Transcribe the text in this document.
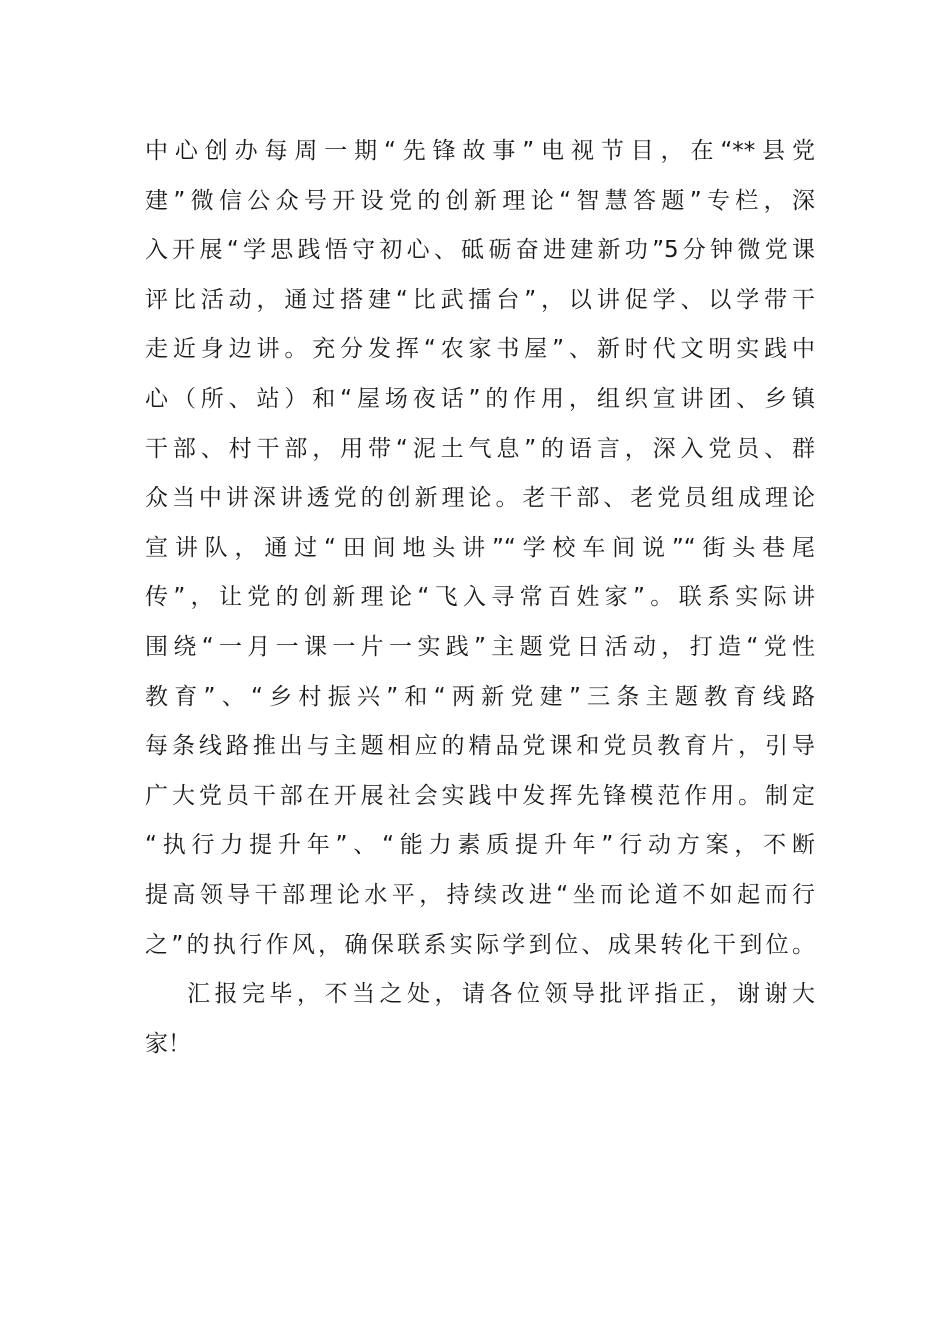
中心创办每周一期“先锋故事”电视节目，在“**县党
建”微信公众号开设党的创新理论“智慧答题”专栏，深
入开展“学思践悟守初心、砥砺奋进建新功”5分钟微党课
评比活动，通过搭建“比武擂台”，以讲促学、以学带干
走近身边讲。充分发挥“农家书屋”、新时代文明实践中
心（所、站）和“屋场夜话”的作用，组织宣讲团、乡镇
干部、村干部，用带“泥土气息”的语言，深入党员、群
众当中讲深讲透党的创新理论。老干部、老党员组成理论
宣讲队，通过“田间地头讲”“学校车间说”“街头巷尾
传”，让党的创新理论“飞入寻常百姓家”。联系实际讲
围绕“一月一课一片一实践”主题党日活动，打造“党性
教育”、“乡村振兴”和“两新党建”三条主题教育线路
每条线路推出与主题相应的精品党课和党员教育片，引导
广大党员干部在开展社会实践中发挥先锋模范作用。制定
“执行力提升年”、“能力素质提升年”行动方案，不断
提高领导干部理论水平，持续改进“坐而论道不如起而行
之”的执行作风，确保联系实际学到位、成果转化干到位。
汇报完毕，不当之处，请各位领导批评指正，谢谢大
家！
